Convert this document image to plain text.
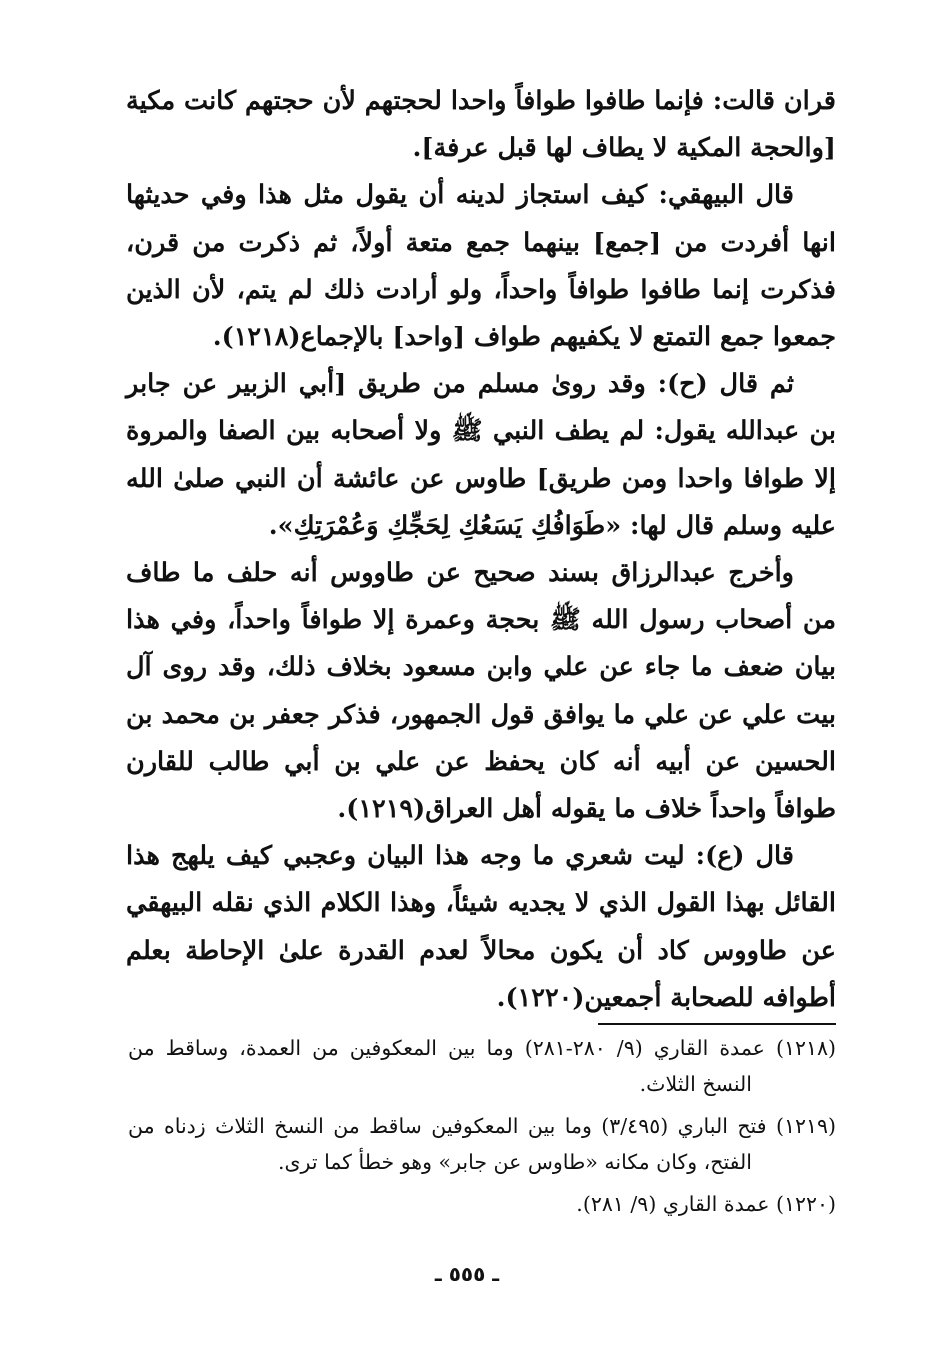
قران قالت: فإنما طافوا طوافاً واحدا لحجتهم لأن حجتهم كانت مكية [والحجة المكية لا يطاف لها قبل عرفة].

قال البيهقي: كيف استجاز لدينه أن يقول مثل هذا وفي حديثها انها أفردت من [جمع] بينهما جمع متعة أولاً، ثم ذكرت من قرن، فذكرت إنما طافوا طوافاً واحداً، ولو أرادت ذلك لم يتم، لأن الذين جمعوا جمع التمتع لا يكفيهم طواف [واحد] بالإجماع(١٢١٨).

ثم قال (ح): وقد روىٰ مسلم من طريق [أبي الزبير عن جابر بن عبدالله يقول: لم يطف النبي ﷺ ولا أصحابه بين الصفا والمروة إلا طوافا واحدا ومن طريق] طاوس عن عائشة أن النبي صلىٰ الله عليه وسلم قال لها: «طَوَافُكِ يَسَعُكِ لِحَجِّكِ وَعُمْرَتِكِ».

وأخرج عبدالرزاق بسند صحيح عن طاووس أنه حلف ما طاف من أصحاب رسول الله ﷺ بحجة وعمرة إلا طوافاً واحداً، وفي هذا بيان ضعف ما جاء عن علي وابن مسعود بخلاف ذلك، وقد روى آل بيت علي عن علي ما يوافق قول الجمهور، فذكر جعفر بن محمد بن الحسين عن أبيه أنه كان يحفظ عن علي بن أبي طالب للقارن طوافاً واحداً خلاف ما يقوله أهل العراق(١٢١٩).

قال (ع): ليت شعري ما وجه هذا البيان وعجبي كيف يلهج هذا القائل بهذا القول الذي لا يجديه شيئاً، وهذا الكلام الذي نقله البيهقي عن طاووس كاد أن يكون محالاً لعدم القدرة علىٰ الإحاطة بعلم أطوافه للصحابة أجمعين(١٢٢٠).

(١٢١٨) عمدة القاري (٩/ ٢٨٠-٢٨١) وما بين المعكوفين من العمدة، وساقط من النسخ الثلاث.

(١٢١٩) فتح الباري (٣/٤٩٥) وما بين المعكوفين ساقط من النسخ الثلاث زدناه من الفتح، وكان مكانه «طاوس عن جابر» وهو خطأ كما ترى.

(١٢٢٠) عمدة القاري (٩/ ٢٨١).

ـ ٥٥٥ ـ
